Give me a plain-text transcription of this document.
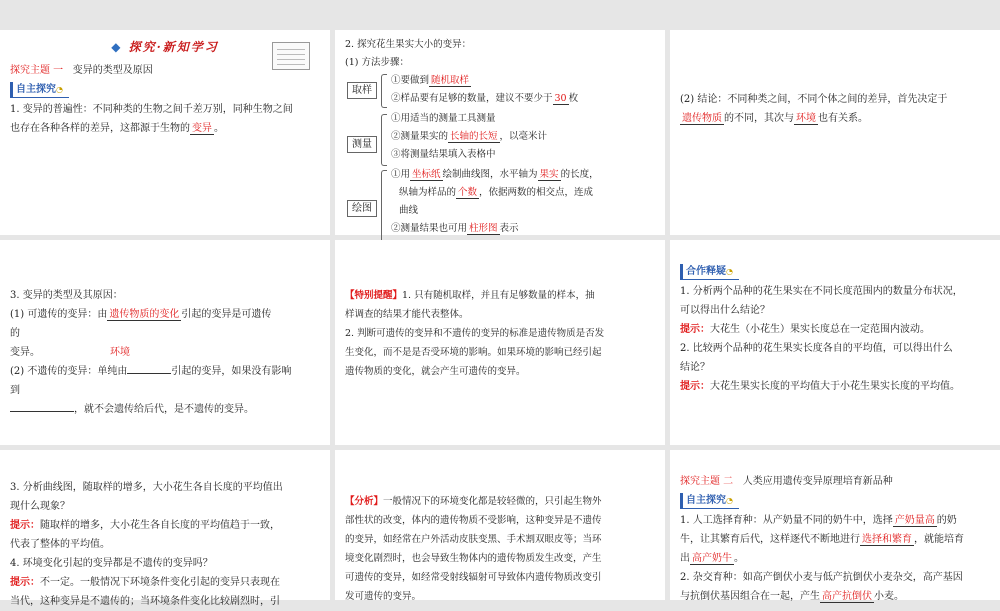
◆ 探究·新知学习

探究主题 一 变异的类型及原因

自主探究◔

1. 变异的普遍性：不同种类的生物之间千差万别，同种生物之间

也存在各种各样的差异，这都源于生物的 变异 。

2. 探究花生果实大小的变异：

(1) 方法步骤：

取样

①要做到 随机取样

②样品要有足够的数量，建议不要少于 30 枚

测量

①用适当的测量工具测量

②测量果实的 长轴的长短 ，以毫米计

③将测量结果填入表格中

绘图

①用 坐标纸 绘制曲线图，水平轴为 果实 的长度，

纵轴为样品的 个数 ，依据两数的相交点，连成

曲线

②测量结果也可用 柱形图 表示

(2) 结论：不同种类之间，不同个体之间的差异，首先决定于

遗传物质 的不同，其次与 环境 也有关系。

3. 变异的类型及其原因：

(1) 可遗传的变异：由 遗传物质的变化 引起的变异是可遗传

的

变异。	环境

(2) 不遗传的变异：单纯由	引起的变异，如果没有影响

到

，就不会遗传给后代，是不遗传的变异。

【特别提醒】1. 只有随机取样，并且有足够数量的样本，抽

样调查的结果才能代表整体。

2. 判断可遗传的变异和不遗传的变异的标准是遗传物质是否发

生变化，而不是是否受环境的影响。如果环境的影响已经引起

遗传物质的变化，就会产生可遗传的变异。

合作释疑◔

1. 分析两个品种的花生果实在不同长度范围内的数量分布状况，

可以得出什么结论？

提示：大花生（小花生）果实长度总在一定范围内波动。

2. 比较两个品种的花生果实长度各自的平均值，可以得出什么

结论？

提示：大花生果实长度的平均值大于小花生果实长度的平均值。

3. 分析曲线图，随取样的增多，大小花生各自长度的平均值出

现什么现象？

提示：随取样的增多，大小花生各自长度的平均值趋于一致，

代表了整体的平均值。

4. 环境变化引起的变异都是不遗传的变异吗？

提示：不一定。一般情况下环境条件变化引起的变异只表现在

当代，这种变异是不遗传的；当环境条件变化比较剧烈时，引

【分析】一般情况下的环境变化都是较轻微的，只引起生物外

部性状的改变，体内的遗传物质不受影响，这种变异是不遗传

的变异，如经常在户外活动皮肤变黑、手术割双眼皮等；当环

境变化剧烈时，也会导致生物体内的遗传物质发生改变，产生

可遗传的变异，如经常受射线辐射可导致体内遗传物质改变引

发可遗传的变异。

探究主题 二 人类应用遗传变异原理培育新品种

自主探究◔

1. 人工选择育种：从产奶量不同的奶牛中，选择 产奶量高 的奶

牛，让其繁育后代，这样逐代不断地进行 选择和繁育 ，就能培育

出 高产奶牛 。

2. 杂交育种：如高产倒伏小麦与低产抗倒伏小麦杂交，高产基因

与抗倒伏基因组合在一起，产生 高产抗倒伏 小麦。
